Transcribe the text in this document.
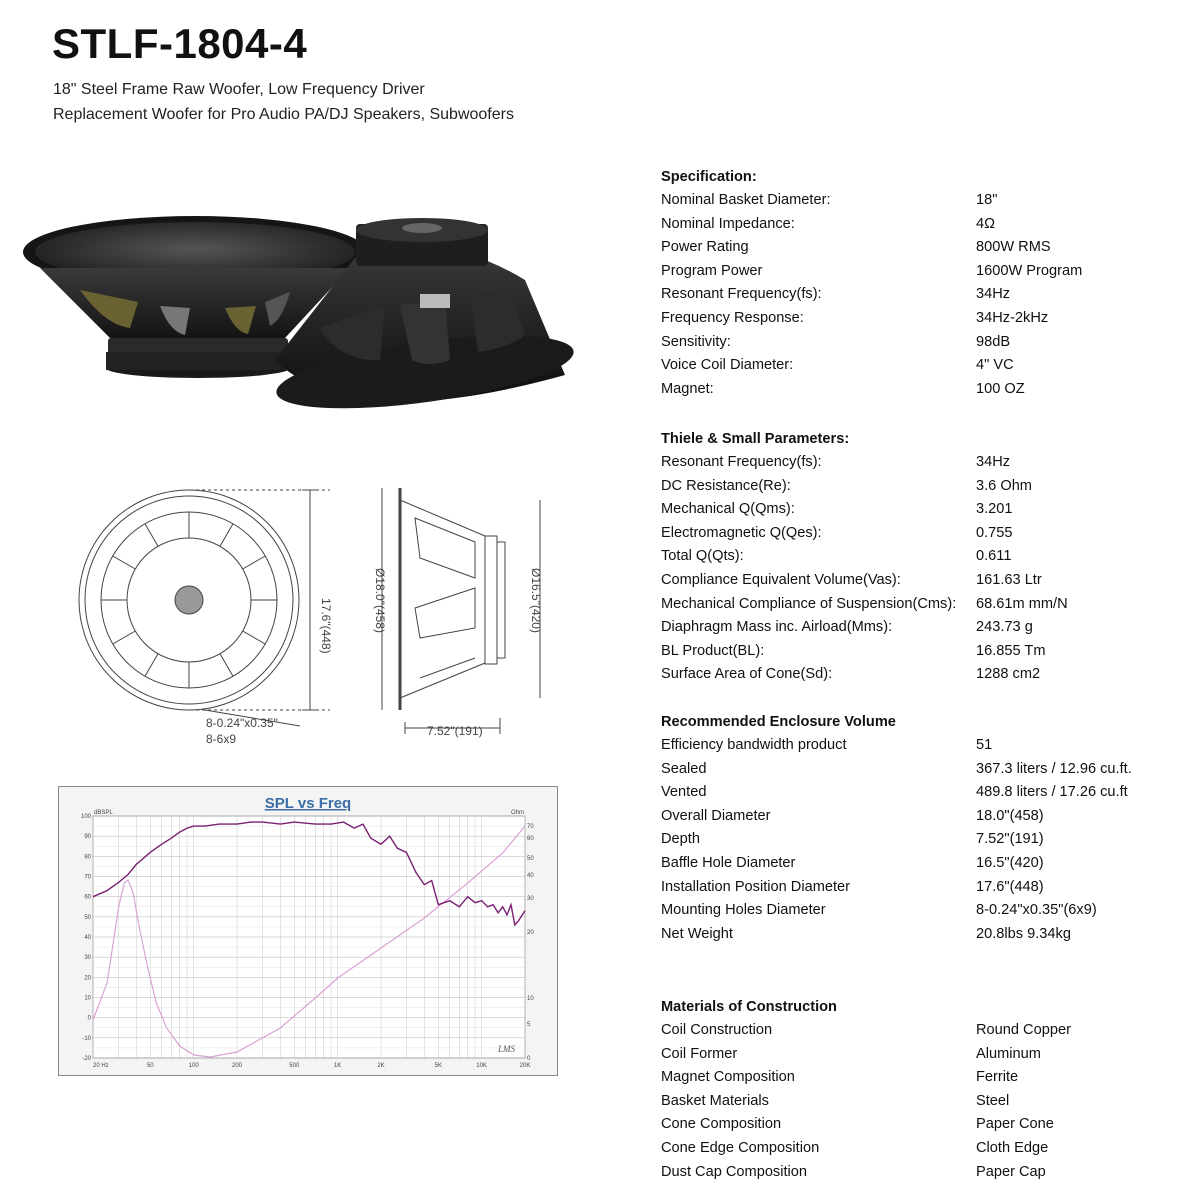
STLF-1804-4
18" Steel Frame Raw Woofer, Low Frequency Driver
Replacement Woofer for Pro Audio PA/DJ Speakers, Subwoofers
17.6"(448)	Ø18.0"(458)	Ø16.5"(420)
7.52"(191)
8-0.24"x0.35"
8-6x9
SPL vs Freq
dBSPL	Ohm
LMS
100
90
80
70
60
50
40
30
20
10
0
-10
-20
70
60
50
40
30
20
10
5
0
20 Hz	50	100	200	500	1K	2K	5K	10K	20K
Specification:
Nominal Basket Diameter:	18"
Nominal Impedance:	4Ω
Power Rating	800W RMS
Program Power	1600W Program
Resonant Frequency(fs):	34Hz
Frequency Response:	34Hz-2kHz
Sensitivity:	98dB
Voice Coil Diameter:	4" VC
Magnet:	100 OZ
Thiele & Small Parameters:
Resonant Frequency(fs):	34Hz
DC Resistance(Re):	3.6 Ohm
Mechanical Q(Qms):	3.201
Electromagnetic Q(Qes):	0.755
Total Q(Qts):	0.611
Compliance Equivalent Volume(Vas):	161.63 Ltr
Mechanical Compliance of Suspension(Cms):	68.61m mm/N
Diaphragm Mass inc. Airload(Mms):	243.73 g
BL Product(BL):	16.855 Tm
Surface Area of Cone(Sd):	1288 cm2
Recommended Enclosure Volume
Efficiency bandwidth product	51
Sealed	367.3 liters / 12.96 cu.ft.
Vented	489.8 liters / 17.26 cu.ft
Overall Diameter	18.0"(458)
Depth	7.52"(191)
Baffle Hole Diameter	16.5"(420)
Installation Position Diameter	17.6"(448)
Mounting Holes Diameter	8-0.24"x0.35"(6x9)
Net Weight	20.8lbs 9.34kg
Materials of Construction
Coil Construction	Round Copper
Coil Former	Aluminum
Magnet Composition	Ferrite
Basket Materials	Steel
Cone Composition	Paper Cone
Cone Edge Composition	Cloth Edge
Dust Cap Composition	Paper Cap
